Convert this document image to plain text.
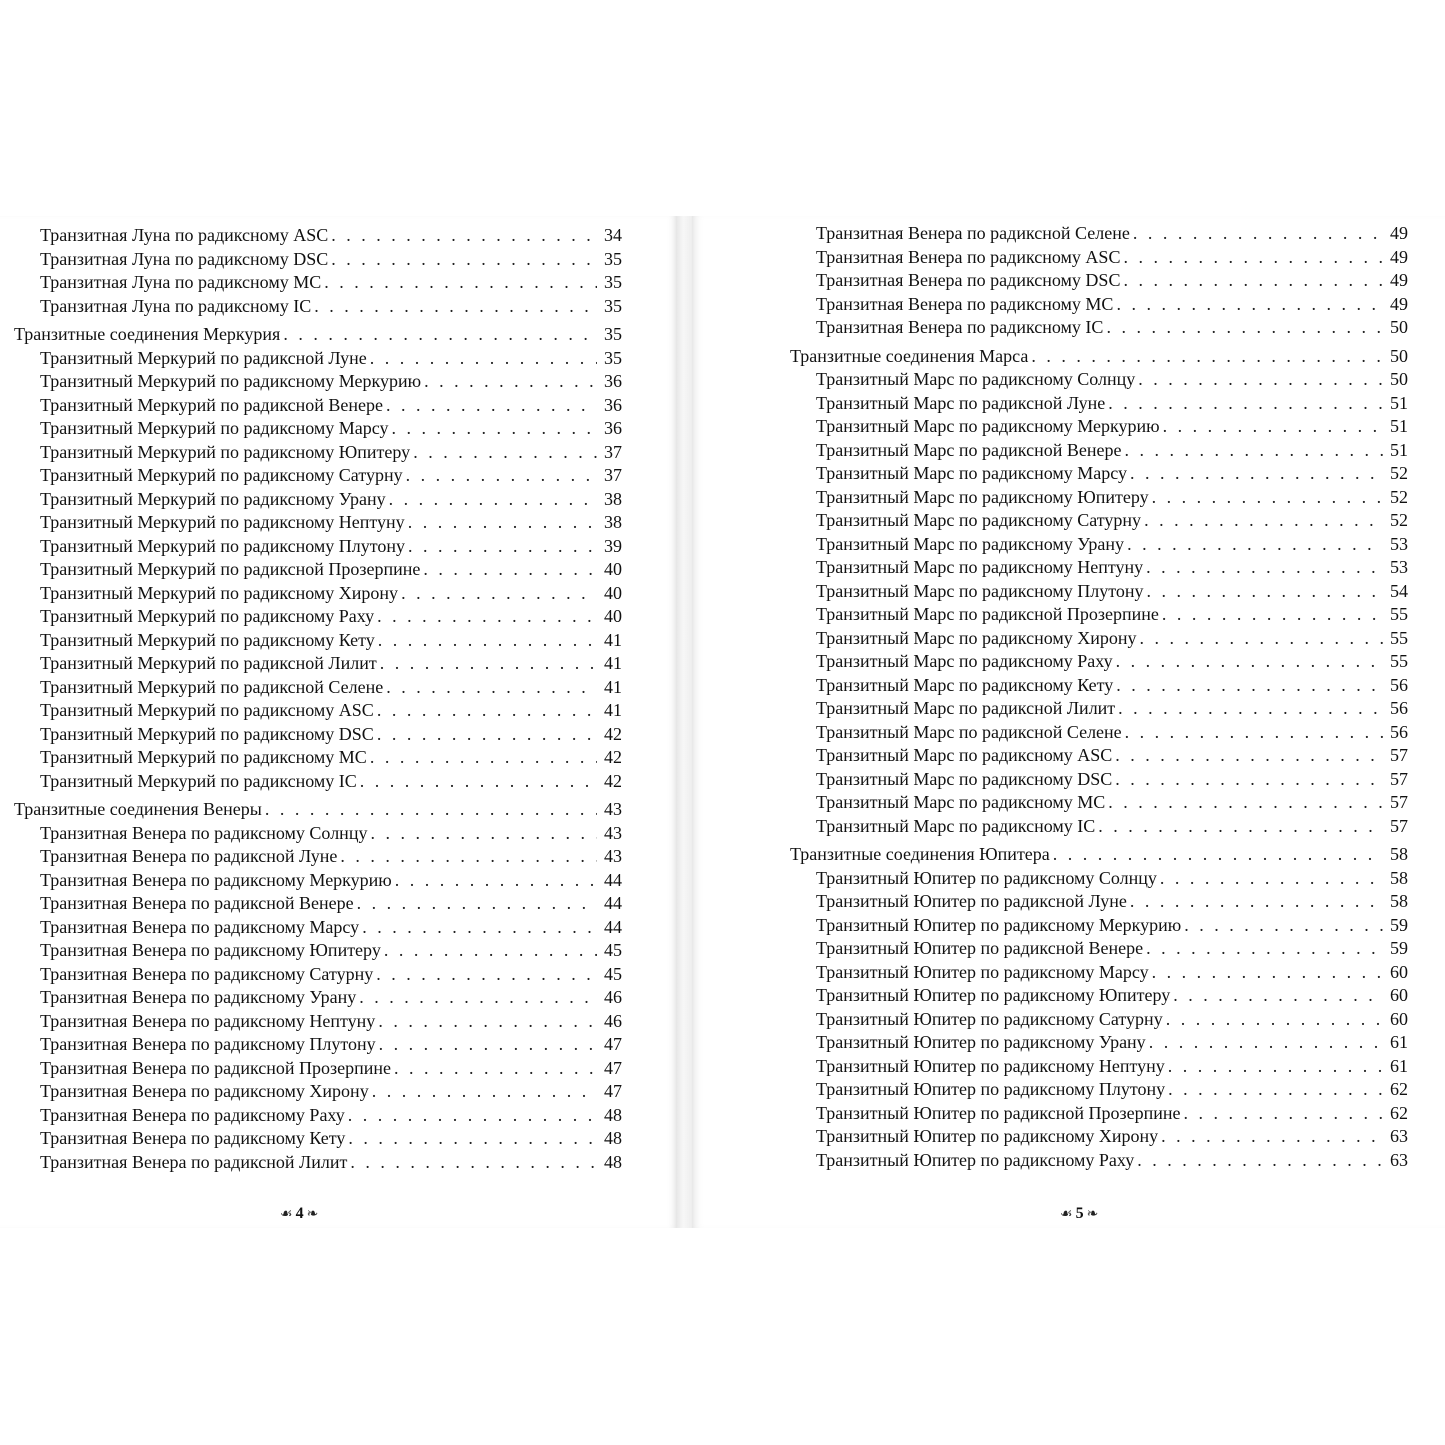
Транзитная Луна по радиксному ASC . . .	34
Транзитная Луна по радиксному DSC . . .	35
Транзитная Луна по радиксному МС . . .	35
Транзитная Луна по радиксному IC . . .	35
Транзитные соединения Меркурия . . .	35
Транзитный Меркурий по радиксной Луне . . .	35
Транзитный Меркурий по радиксному Меркурию . . .	36
Транзитный Меркурий по радиксной Венере . . .	36
Транзитный Меркурий по радиксному Марсу . . .	36
Транзитный Меркурий по радиксному Юпитеру . . .	37
Транзитный Меркурий по радиксному Сатурну . . .	37
Транзитный Меркурий по радиксному Урану . . .	38
Транзитный Меркурий по радиксному Нептуну . . .	38
Транзитный Меркурий по радиксному Плутону . . .	39
Транзитный Меркурий по радиксной Прозерпине . . .	40
Транзитный Меркурий по радиксному Хирону . . .	40
Транзитный Меркурий по радиксному Раху . . .	40
Транзитный Меркурий по радиксному Кету . . .	41
Транзитный Меркурий по радиксной Лилит . . .	41
Транзитный Меркурий по радиксной Селене . . .	41
Транзитный Меркурий по радиксному ASC . . .	41
Транзитный Меркурий по радиксному DSC . . .	42
Транзитный Меркурий по радиксному МС . . .	42
Транзитный Меркурий по радиксному IC . . .	42
Транзитные соединения Венеры . . .	43
Транзитная Венера по радиксному Солнцу . . .	43
Транзитная Венера по радиксной Луне . . .	43
Транзитная Венера по радиксному Меркурию . . .	44
Транзитная Венера по радиксной Венере . . .	44
Транзитная Венера по радиксному Марсу . . .	44
Транзитная Венера по радиксному Юпитеру . . .	45
Транзитная Венера по радиксному Сатурну . . .	45
Транзитная Венера по радиксному Урану . . .	46
Транзитная Венера по радиксному Нептуну . . .	46
Транзитная Венера по радиксному Плутону . . .	47
Транзитная Венера по радиксной Прозерпине . . .	47
Транзитная Венера по радиксному Хирону . . .	47
Транзитная Венера по радиксному Раху . . .	48
Транзитная Венера по радиксному Кету . . .	48
Транзитная Венера по радиксной Лилит . . .	48
Транзитная Венера по радиксной Селене . . .	49
Транзитная Венера по радиксному ASC . . .	49
Транзитная Венера по радиксному DSC . . .	49
Транзитная Венера по радиксному МС . . .	49
Транзитная Венера по радиксному IC . . .	50
Транзитные соединения Марса . . .	50
Транзитный Марс по радиксному Солнцу . . .	50
Транзитный Марс по радиксной Луне . . .	51
Транзитный Марс по радиксному Меркурию . . .	51
Транзитный Марс по радиксной Венере . . .	51
Транзитный Марс по радиксному Марсу . . .	52
Транзитный Марс по радиксному Юпитеру . . .	52
Транзитный Марс по радиксному Сатурну . . .	52
Транзитный Марс по радиксному Урану . . .	53
Транзитный Марс по радиксному Нептуну . . .	53
Транзитный Марс по радиксному Плутону . . .	54
Транзитный Марс по радиксной Прозерпине . . .	55
Транзитный Марс по радиксному Хирону . . .	55
Транзитный Марс по радиксному Раху . . .	55
Транзитный Марс по радиксному Кету . . .	56
Транзитный Марс по радиксной Лилит . . .	56
Транзитный Марс по радиксной Селене . . .	56
Транзитный Марс по радиксному ASC . . .	57
Транзитный Марс по радиксному DSC . . .	57
Транзитный Марс по радиксному МС . . .	57
Транзитный Марс по радиксному IC . . .	57
Транзитные соединения Юпитера . . .	58
Транзитный Юпитер по радиксному Солнцу . . .	58
Транзитный Юпитер по радиксной Луне . . .	58
Транзитный Юпитер по радиксному Меркурию . . .	59
Транзитный Юпитер по радиксной Венере . . .	59
Транзитный Юпитер по радиксному Марсу . . .	60
Транзитный Юпитер по радиксному Юпитеру . . .	60
Транзитный Юпитер по радиксному Сатурну . . .	60
Транзитный Юпитер по радиксному Урану . . .	61
Транзитный Юпитер по радиксному Нептуну . . .	61
Транзитный Юпитер по радиксному Плутону . . .	62
Транзитный Юпитер по радиксной Прозерпине . . .	62
Транзитный Юпитер по радиксному Хирону . . .	63
Транзитный Юпитер по радиксному Раху . . .	63
☙ 4 ❧	☙ 5 ❧
